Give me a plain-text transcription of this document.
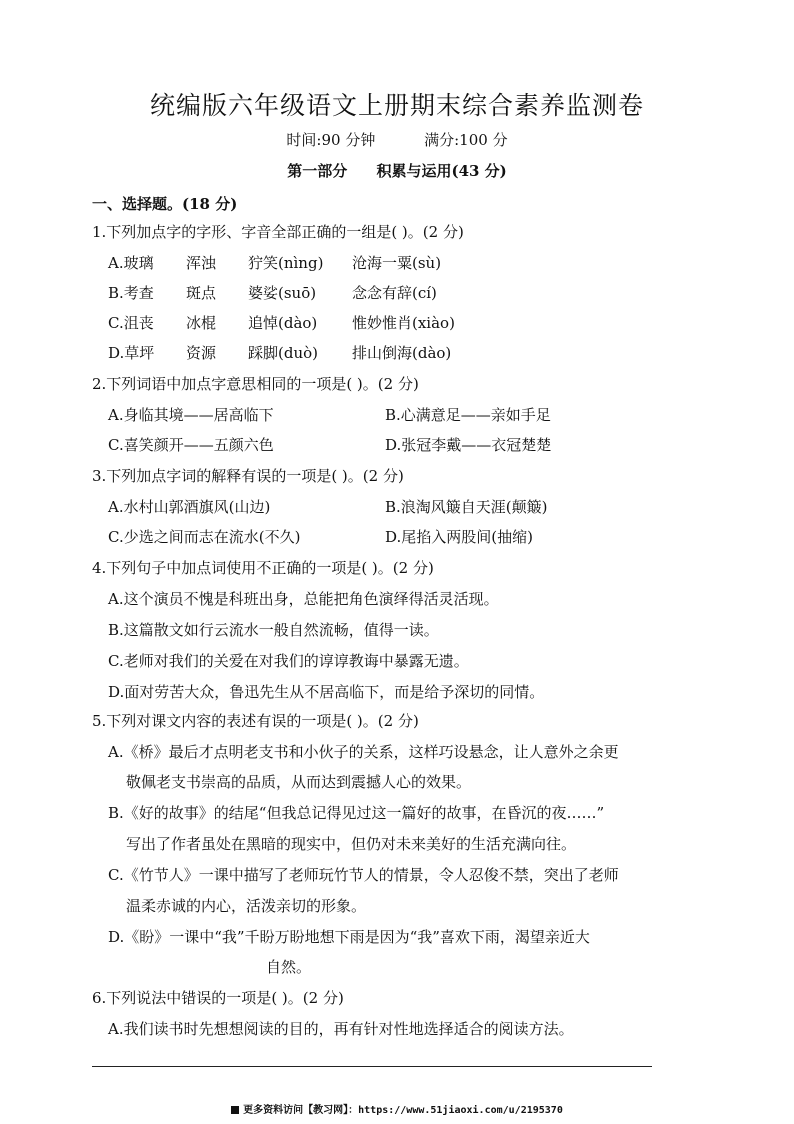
统编版六年级语文上册期末综合素养监测卷
时间:90 分钟	满分:100 分
第一部分 积累与运用(43 分)
一、选择题。(18 分)
1.下列加点字的字形、字音全部正确的一组是( )。(2 分)
A.玻璃 浑浊 狞笑(nìng) 沧海一粟(sù)
B.考查 斑点 婆娑(suō) 念念有辞(cí)
C.沮丧 冰棍 追悼(dào) 惟妙惟肖(xiào)
D.草坪 资源 踩脚(duò) 排山倒海(dào)
2.下列词语中加点字意思相同的一项是( )。(2 分)
A.身临其境——居高临下	B.心满意足——亲如手足
C.喜笑颜开——五颜六色	D.张冠李戴——衣冠楚楚
3.下列加点字词的解释有误的一项是( )。(2 分)
A.水村山郭酒旗风(山边)	B.浪淘风簸自天涯(颠簸)
C.少选之间而志在流水(不久)	D.尾掐入两股间(抽缩)
4.下列句子中加点词使用不正确的一项是( )。(2 分)
A.这个演员不愧是科班出身，总能把角色演绎得活灵活现。
B.这篇散文如行云流水一般自然流畅，值得一读。
C.老师对我们的关爱在对我们的谆谆教诲中暴露无遗。
D.面对劳苦大众，鲁迅先生从不居高临下，而是给予深切的同情。
5.下列对课文内容的表述有误的一项是( )。(2 分)
A.《桥》最后才点明老支书和小伙子的关系，这样巧设悬念，让人意外之余更
敬佩老支书崇高的品质，从而达到震撼人心的效果。
B.《好的故事》的结尾“但我总记得见过这一篇好的故事，在昏沉的夜……”
写出了作者虽处在黑暗的现实中，但仍对未来美好的生活充满向往。
C.《竹节人》一课中描写了老师玩竹节人的情景，令人忍俊不禁，突出了老师
温柔赤诚的内心，活泼亲切的形象。
D.《盼》一课中“我”千盼万盼地想下雨是因为“我”喜欢下雨，渴望亲近大
自然。
6.下列说法中错误的一项是( )。(2 分)
A.我们读书时先想想阅读的目的，再有针对性地选择适合的阅读方法。
更多资料访问【教习网】：https://www.51jiaoxi.com/u/2195370
